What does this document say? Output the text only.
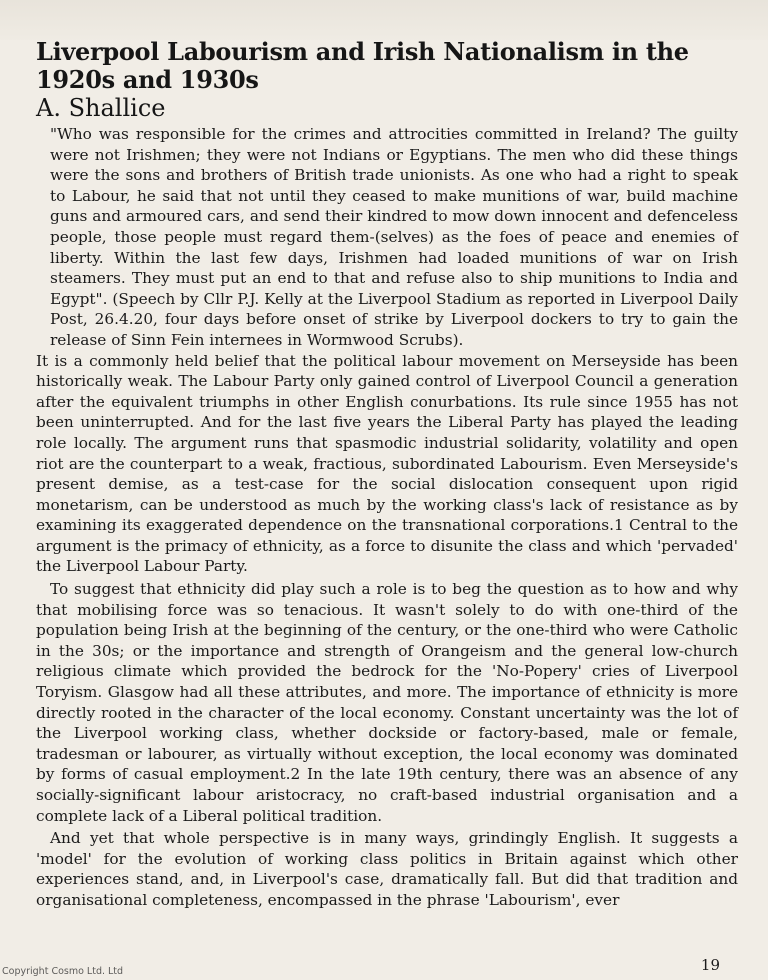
Liverpool Labourism and Irish Nationalism in the 1920s and 1930s
A. Shallice

"Who was responsible for the crimes and attrocities committed in Ireland? The guilty were not Irishmen; they were not Indians or Egyptians. The men who did these things were the sons and brothers of British trade unionists. As one who had a right to speak to Labour, he said that not until they ceased to make munitions of war, build machine guns and armoured cars, and send their kindred to mow down innocent and defenceless people, those people must regard them-(selves) as the foes of peace and enemies of liberty. Within the last few days, Irishmen had loaded munitions of war on Irish steamers. They must put an end to that and refuse also to ship munitions to India and Egypt". (Speech by Cllr P.J. Kelly at the Liverpool Stadium as reported in Liverpool Daily Post, 26.4.20, four days before onset of strike by Liverpool dockers to try to gain the release of Sinn Fein internees in Wormwood Scrubs).

It is a commonly held belief that the political labour movement on Merseyside has been historically weak. The Labour Party only gained control of Liverpool Council a generation after the equivalent triumphs in other English conurbations. Its rule since 1955 has not been uninterrupted. And for the last five years the Liberal Party has played the leading role locally. The argument runs that spasmodic industrial solidarity, volatility and open riot are the counterpart to a weak, fractious, subordinated Labourism. Even Merseyside's present demise, as a test-case for the social dislocation consequent upon rigid monetarism, can be understood as much by the working class's lack of resistance as by examining its exaggerated dependence on the transnational corporations.1 Central to the argument is the primacy of ethnicity, as a force to disunite the class and which 'pervaded' the Liverpool Labour Party.

To suggest that ethnicity did play such a role is to beg the question as to how and why that mobilising force was so tenacious. It wasn't solely to do with one-third of the population being Irish at the beginning of the century, or the one-third who were Catholic in the 30s; or the importance and strength of Orangeism and the general low-church religious climate which provided the bedrock for the 'No-Popery' cries of Liverpool Toryism. Glasgow had all these attributes, and more. The importance of ethnicity is more directly rooted in the character of the local economy. Constant uncertainty was the lot of the Liverpool working class, whether dockside or factory-based, male or female, tradesman or labourer, as virtually without exception, the local economy was dominated by forms of casual employment.2 In the late 19th century, there was an absence of any socially-significant labour aristocracy, no craft-based industrial organisation and a complete lack of a Liberal political tradition.

And yet that whole perspective is in many ways, grindingly English. It suggests a 'model' for the evolution of working class politics in Britain against which other experiences stand, and, in Liverpool's case, dramatically fall. But did that tradition and organisational completeness, encompassed in the phrase 'Labourism', ever

Copyright Cosmo Ltd. Ltd	19
